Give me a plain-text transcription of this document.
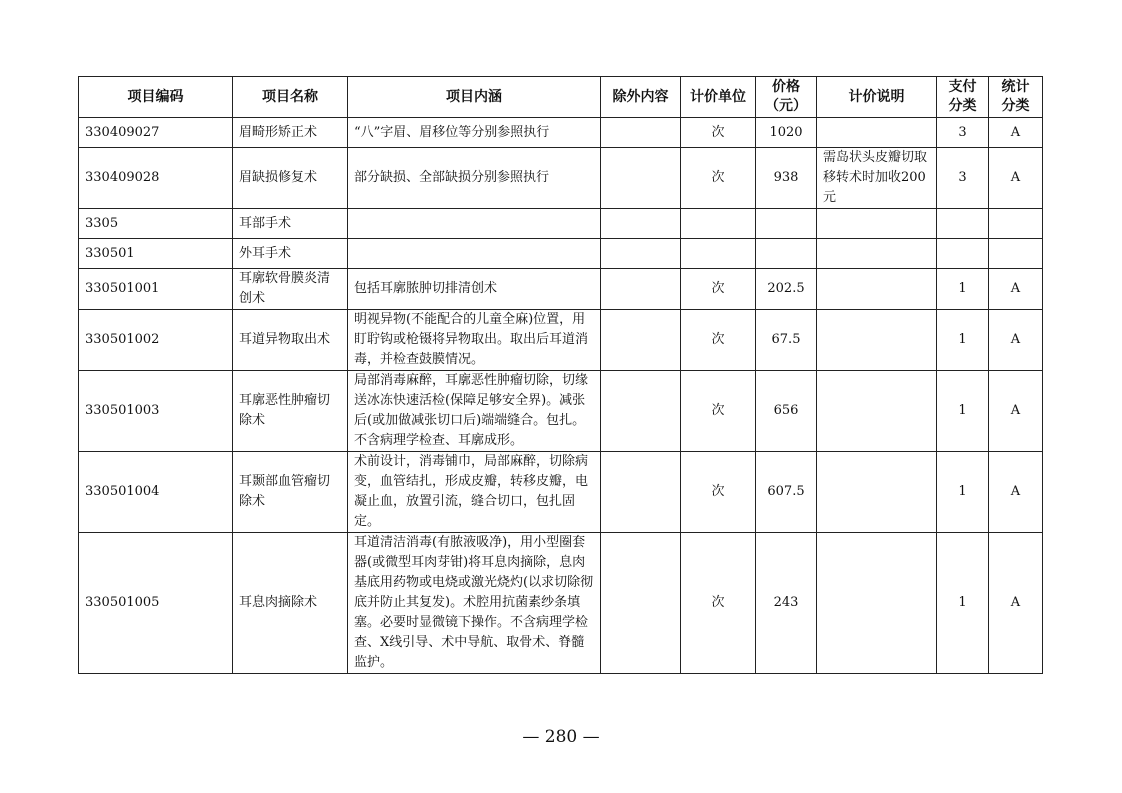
项目编码	项目名称	项目内涵	除外内容	计价单位	价格（元）	计价说明	支付分类	统计分类
330409027	眉畸形矫正术	“八”字眉、眉移位等分别参照执行		次	1020		3	A
330409028	眉缺损修复术	部分缺损、全部缺损分别参照执行		次	938	需岛状头皮瓣切取移转术时加收200元	3	A
3305	耳部手术							
330501	外耳手术							
330501001	耳廓软骨膜炎清创术	包括耳廓脓肿切排清创术		次	202.5		1	A
330501002	耳道异物取出术	明视异物(不能配合的儿童全麻)位置，用盯聍钩或枪镊将异物取出。取出后耳道消毒，并检查鼓膜情况。		次	67.5		1	A
330501003	耳廓恶性肿瘤切除术	局部消毒麻醉，耳廓恶性肿瘤切除，切缘送冰冻快速活检(保障足够安全界)。减张后(或加做减张切口后)端端缝合。包扎。不含病理学检查、耳廓成形。		次	656		1	A
330501004	耳颞部血管瘤切除术	术前设计，消毒铺巾，局部麻醉，切除病变，血管结扎，形成皮瓣，转移皮瓣，电凝止血，放置引流，缝合切口，包扎固定。		次	607.5		1	A
330501005	耳息肉摘除术	耳道清洁消毒(有脓液吸净)，用小型圈套器(或微型耳肉芽钳)将耳息肉摘除，息肉基底用药物或电烧或激光烧灼(以求切除彻底并防止其复发)。术腔用抗菌素纱条填塞。必要时显微镜下操作。不含病理学检查、X线引导、术中导航、取骨术、脊髓监护。		次	243		1	A
— 280 —
